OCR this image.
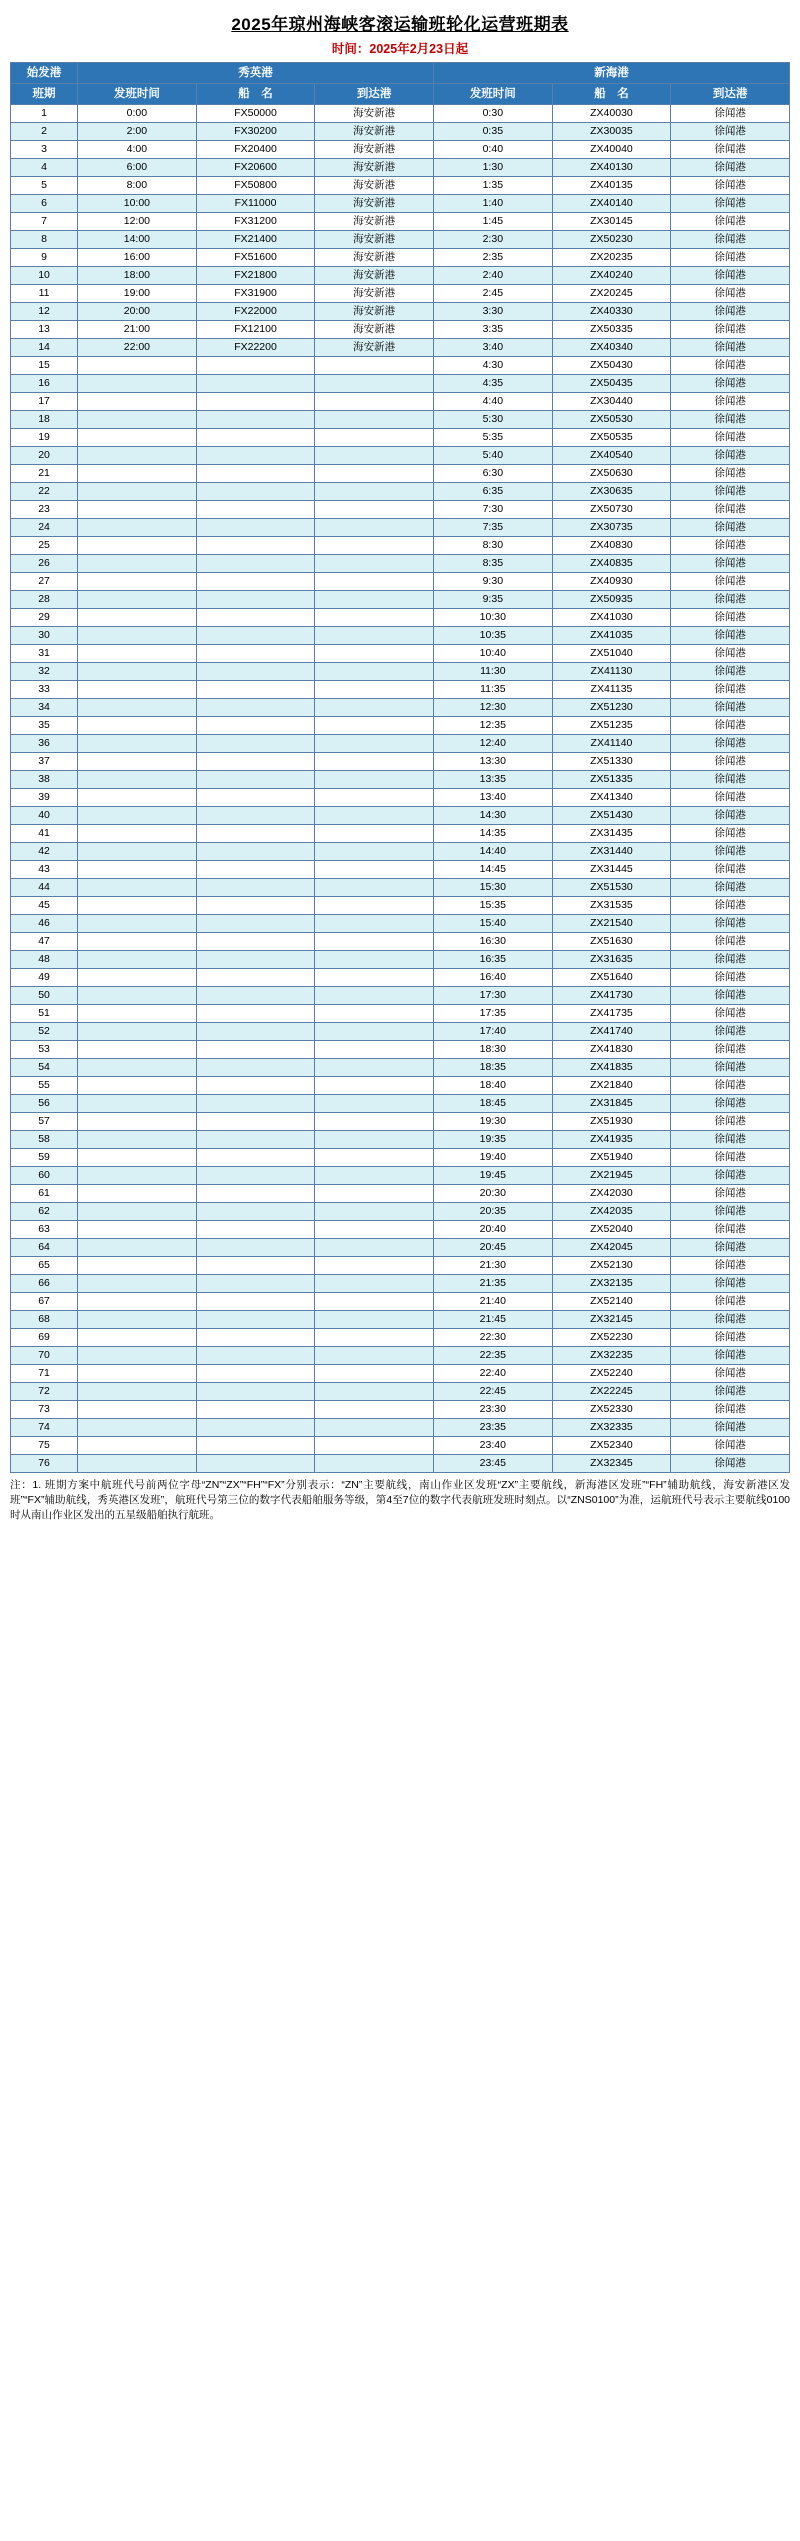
2025年琼州海峡客滚运输班轮化运营班期表
时间：2025年2月23日起
始发港	秀英港			新海港		
班期	发班时间	船　名	到达港	发班时间	船　名	到达港
1	0:00	FX50000	海安新港	0:30	ZX40030	徐闻港
2	2:00	FX30200	海安新港	0:35	ZX30035	徐闻港
3	4:00	FX20400	海安新港	0:40	ZX40040	徐闻港
4	6:00	FX20600	海安新港	1:30	ZX40130	徐闻港
5	8:00	FX50800	海安新港	1:35	ZX40135	徐闻港
6	10:00	FX11000	海安新港	1:40	ZX40140	徐闻港
7	12:00	FX31200	海安新港	1:45	ZX30145	徐闻港
8	14:00	FX21400	海安新港	2:30	ZX50230	徐闻港
9	16:00	FX51600	海安新港	2:35	ZX20235	徐闻港
10	18:00	FX21800	海安新港	2:40	ZX40240	徐闻港
11	19:00	FX31900	海安新港	2:45	ZX20245	徐闻港
12	20:00	FX22000	海安新港	3:30	ZX40330	徐闻港
13	21:00	FX12100	海安新港	3:35	ZX50335	徐闻港
14	22:00	FX22200	海安新港	3:40	ZX40340	徐闻港
15				4:30	ZX50430	徐闻港
16				4:35	ZX50435	徐闻港
17				4:40	ZX30440	徐闻港
18				5:30	ZX50530	徐闻港
19				5:35	ZX50535	徐闻港
20				5:40	ZX40540	徐闻港
21				6:30	ZX50630	徐闻港
22				6:35	ZX30635	徐闻港
23				7:30	ZX50730	徐闻港
24				7:35	ZX30735	徐闻港
25				8:30	ZX40830	徐闻港
26				8:35	ZX40835	徐闻港
27				9:30	ZX40930	徐闻港
28				9:35	ZX50935	徐闻港
29				10:30	ZX41030	徐闻港
30				10:35	ZX41035	徐闻港
31				10:40	ZX51040	徐闻港
32				11:30	ZX41130	徐闻港
33				11:35	ZX41135	徐闻港
34				12:30	ZX51230	徐闻港
35				12:35	ZX51235	徐闻港
36				12:40	ZX41140	徐闻港
37				13:30	ZX51330	徐闻港
38				13:35	ZX51335	徐闻港
39				13:40	ZX41340	徐闻港
40				14:30	ZX51430	徐闻港
41				14:35	ZX31435	徐闻港
42				14:40	ZX31440	徐闻港
43				14:45	ZX31445	徐闻港
44				15:30	ZX51530	徐闻港
45				15:35	ZX31535	徐闻港
46				15:40	ZX21540	徐闻港
47				16:30	ZX51630	徐闻港
48				16:35	ZX31635	徐闻港
49				16:40	ZX51640	徐闻港
50				17:30	ZX41730	徐闻港
51				17:35	ZX41735	徐闻港
52				17:40	ZX41740	徐闻港
53				18:30	ZX41830	徐闻港
54				18:35	ZX41835	徐闻港
55				18:40	ZX21840	徐闻港
56				18:45	ZX31845	徐闻港
57				19:30	ZX51930	徐闻港
58				19:35	ZX41935	徐闻港
59				19:40	ZX51940	徐闻港
60				19:45	ZX21945	徐闻港
61				20:30	ZX42030	徐闻港
62				20:35	ZX42035	徐闻港
63				20:40	ZX52040	徐闻港
64				20:45	ZX42045	徐闻港
65				21:30	ZX52130	徐闻港
66				21:35	ZX32135	徐闻港
67				21:40	ZX52140	徐闻港
68				21:45	ZX32145	徐闻港
69				22:30	ZX52230	徐闻港
70				22:35	ZX32235	徐闻港
71				22:40	ZX52240	徐闻港
72				22:45	ZX22245	徐闻港
73				23:30	ZX52330	徐闻港
74				23:35	ZX32335	徐闻港
75				23:40	ZX52340	徐闻港
76				23:45	ZX32345	徐闻港
注：1. 班期方案中航班代号前两位字母“ZN”“ZX”“FH”“FX”分别表示：“ZN”主要航线，南山作业区发班“ZX”主要航线，新海港区发班”“FH”辅助航线，海安新港区发班”“FX”辅助航线，秀英港区发班”，航班代号第三位的数字代表船舶服务等级，第4至7位的数字代表航班发班时刻点。以“ZNS0100”为准，运航班代号表示主要航线0100时从南山作业区发出的五星级船舶执行航班。
